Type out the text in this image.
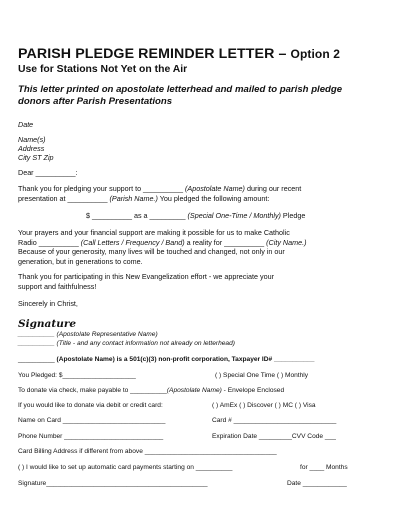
PARISH PLEDGE REMINDER LETTER – Option 2
Use for Stations Not Yet on the Air
This letter printed on apostolate letterhead and mailed to parish pledge donors after Parish Presentations
Date
Name(s)
Address
City ST Zip
Dear __________:
Thank you for pledging your support to __________ (Apostolate Name) during our recent
presentation at __________ (Parish Name.) You pledged the following amount:
$ __________ as a _________ (Special One-Time / Monthly) Pledge
Your prayers and your financial support are making it possible for us to make Catholic
Radio __________ (Call Letters / Frequency / Band) a reality for __________ (City Name.)
Because of your generosity, many lives will be touched and changed, not only in our
generation, but in generations to come.
Thank you for participating in this New Evangelization effort - we appreciate your
support and faithfulness!
Sincerely in Christ,
Signature
__________ (Apostolate Representative Name)
__________ (Title - and any contact information not already on letterhead)
__________ (Apostolate Name) is a 501(c)(3) non-profit corporation, Taxpayer ID# ___________
You Pledged: $____________________	( ) Special One Time ( ) Monthly
To donate via check, make payable to __________(Apostolate Name) - Envelope Enclosed
If you would like to donate via debit or credit card:	( ) AmEx ( ) Discover ( ) MC ( ) Visa
Name on Card ____________________________	Card # ____________________________
Phone Number ___________________________	Expiration Date _________CVV Code ___
Card Billing Address if different from above ____________________________________
( ) I would like to set up automatic card payments starting on __________	for ____ Months
Signature____________________________________________	Date ____________
